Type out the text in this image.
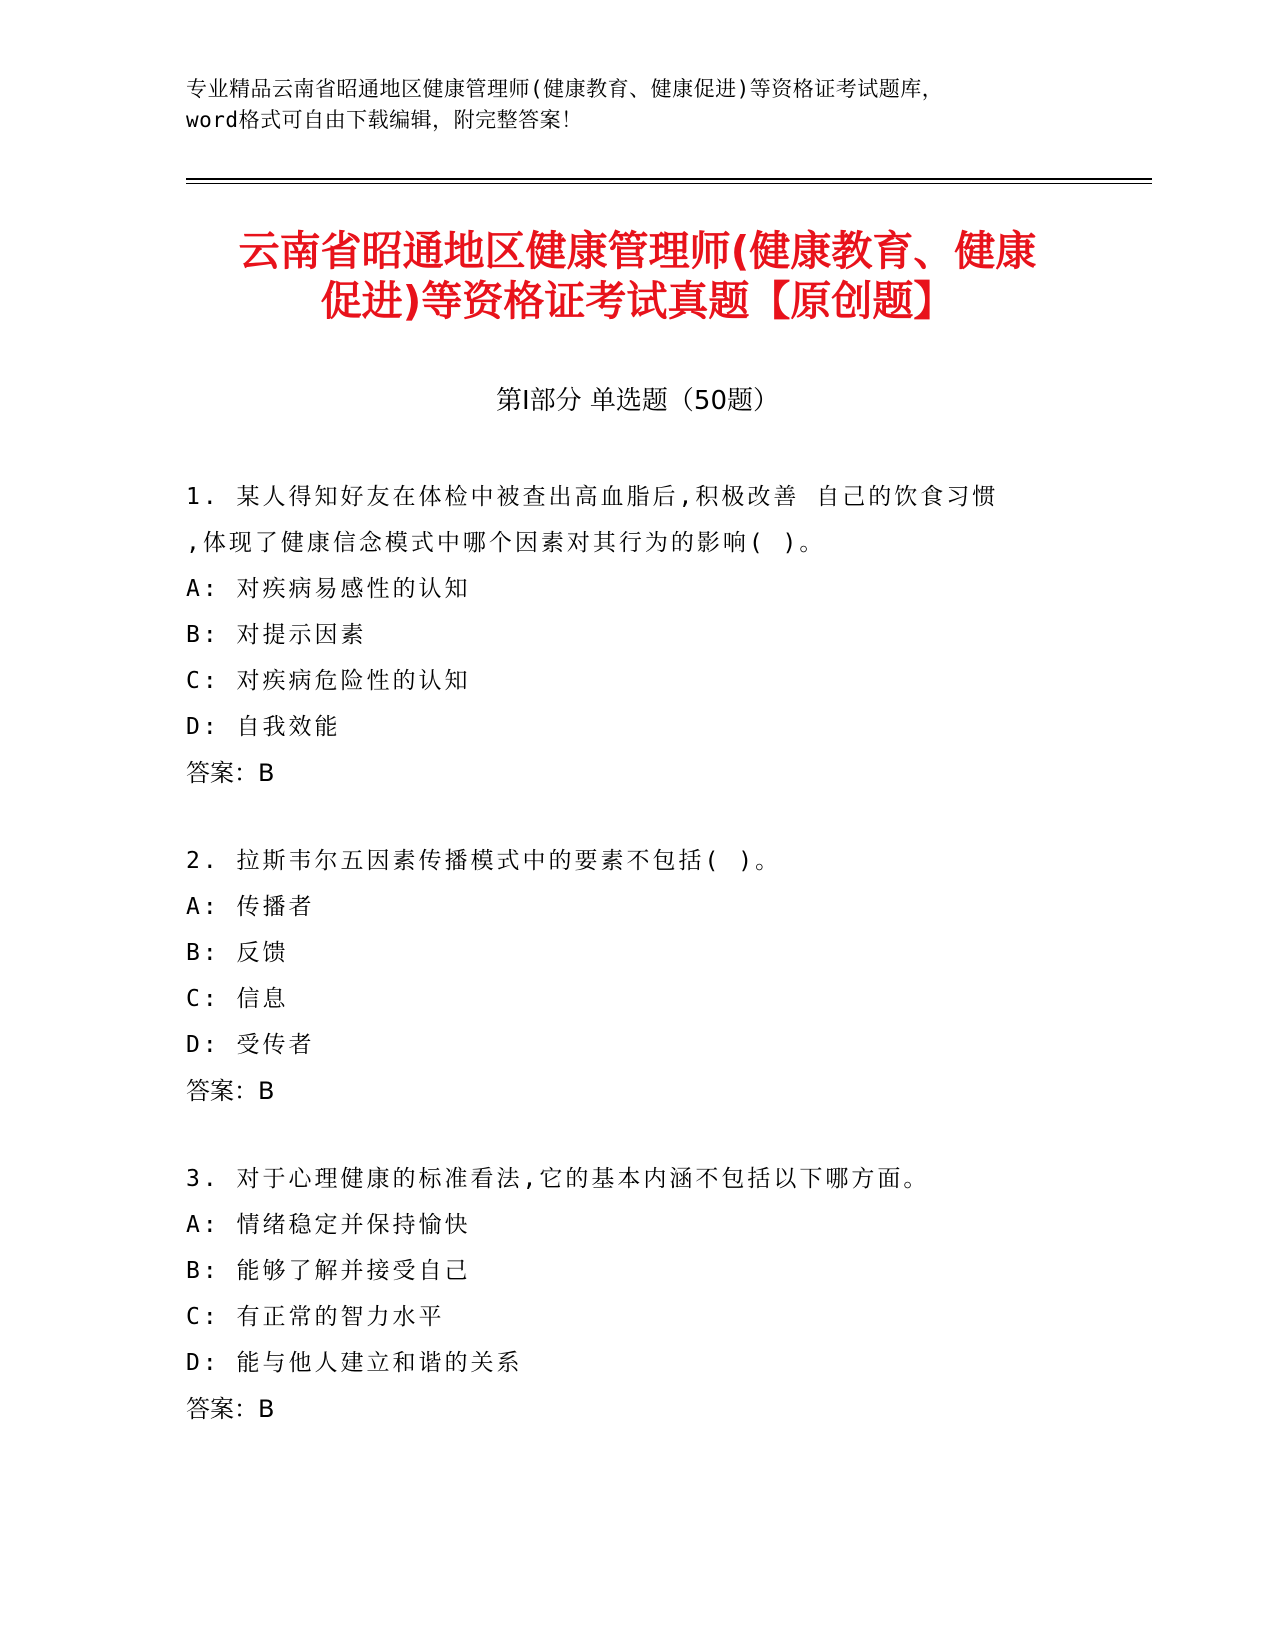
专业精品云南省昭通地区健康管理师(健康教育、健康促进)等资格证考试题库，
word格式可自由下载编辑，附完整答案！
云南省昭通地区健康管理师(健康教育、健康
促进)等资格证考试真题【原创题】
第Ⅰ部分 单选题（50题）
1. 某人得知好友在体检中被查出高血脂后,积极改善 自己的饮食习惯
,体现了健康信念模式中哪个因素对其行为的影响( )。
A: 对疾病易感性的认知
B: 对提示因素
C: 对疾病危险性的认知
D: 自我效能
答案：B
2. 拉斯韦尔五因素传播模式中的要素不包括( )。
A: 传播者
B: 反馈
C: 信息
D: 受传者
答案：B
3. 对于心理健康的标准看法,它的基本内涵不包括以下哪方面。
A: 情绪稳定并保持愉快
B: 能够了解并接受自己
C: 有正常的智力水平
D: 能与他人建立和谐的关系
答案：B
